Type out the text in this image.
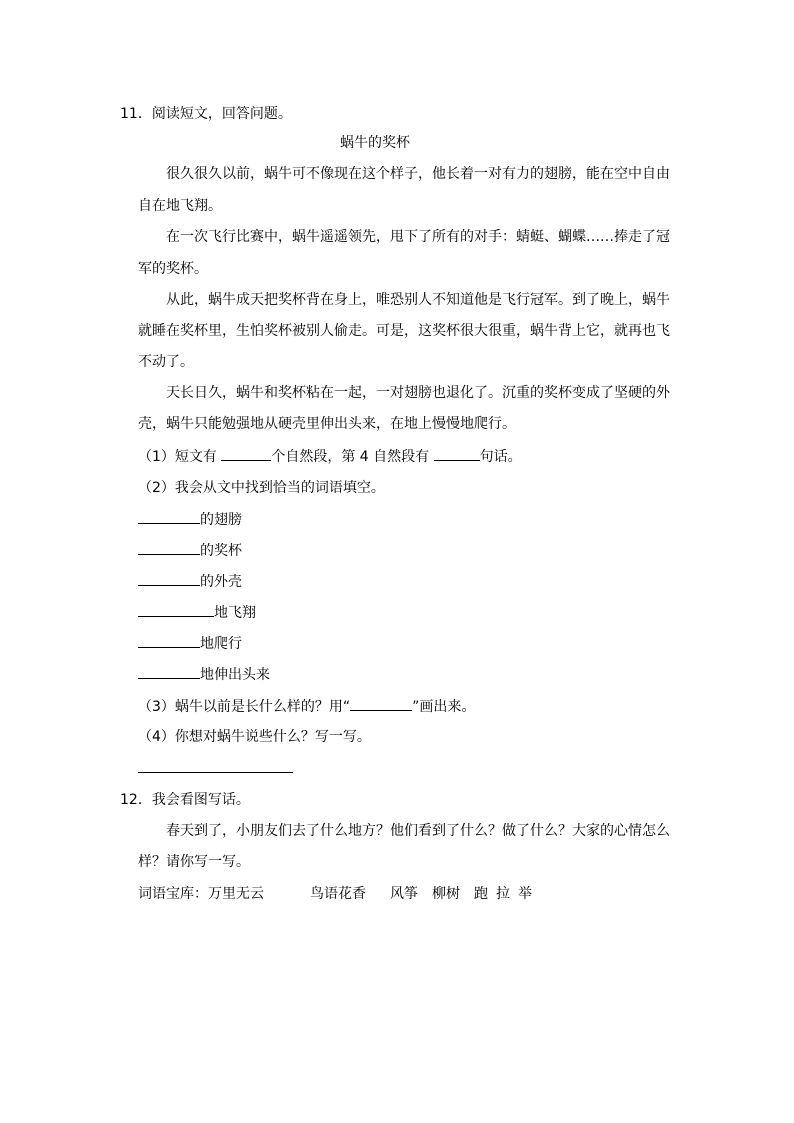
11．阅读短文，回答问题。
蜗牛的奖杯
很久很久以前，蜗牛可不像现在这个样子，他长着一对有力的翅膀，能在空中自由
自在地飞翔。
在一次飞行比赛中，蜗牛遥遥领先，甩下了所有的对手：蜻蜓、蝴蝶……捧走了冠
军的奖杯。
从此，蜗牛成天把奖杯背在身上，唯恐别人不知道他是飞行冠军。到了晚上，蜗牛
就睡在奖杯里，生怕奖杯被别人偷走。可是，这奖杯很大很重，蜗牛背上它，就再也飞
不动了。
天长日久，蜗牛和奖杯粘在一起，一对翅膀也退化了。沉重的奖杯变成了坚硬的外
壳，蜗牛只能勉强地从硬壳里伸出头来，在地上慢慢地爬行。
（1）短文有	个自然段，第 4 自然段有	句话。
（2）我会从文中找到恰当的词语填空。
的翅膀
的奖杯
的外壳
地飞翔
地爬行
地伸出头来
（3）蜗牛以前是长什么样的？用“	”画出来。
（4）你想对蜗牛说些什么？写一写。
12．我会看图写话。
春天到了，小朋友们去了什么地方？他们看到了什么？做了什么？大家的心情怎么
样？请你写一写。
词语宝库：万里无云	鸟语花香 风筝 柳树 跑 拉 举
